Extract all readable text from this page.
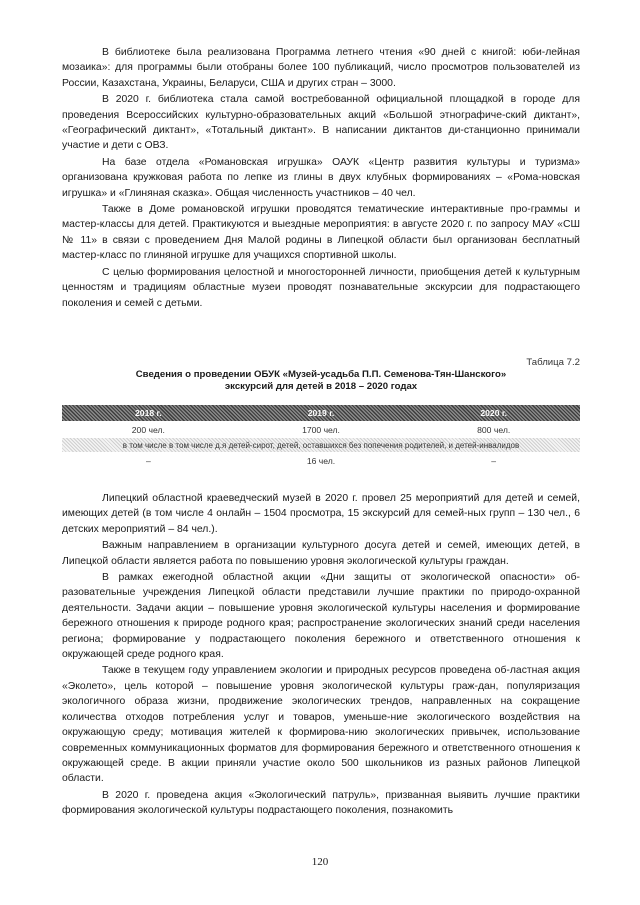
В библиотеке была реализована Программа летнего чтения «90 дней с книгой: юби-лейная мозаика»: для программы были отобраны более 100 публикаций, число просмотров пользователей из России, Казахстана, Украины, Беларуси, США и других стран – 3000.

В 2020 г. библиотека стала самой востребованной официальной площадкой в городе для проведения Всероссийских культурно-образовательных акций «Большой этнографиче-ский диктант», «Географический диктант», «Тотальный диктант». В написании диктантов ди-станционно принимали участие и дети с ОВЗ.

На базе отдела «Романовская игрушка» ОАУК «Центр развития культуры и туризма» организована кружковая работа по лепке из глины в двух клубных формированиях – «Рома-новская игрушка» и «Глиняная сказка». Общая численность участников – 40 чел.

Также в Доме романовской игрушки проводятся тематические интерактивные про-граммы и мастер-классы для детей. Практикуются и выездные мероприятия: в августе 2020 г. по запросу МАУ «СШ № 11» в связи с проведением Дня Малой родины в Липецкой области был организован бесплатный мастер-класс по глиняной игрушке для учащихся спортивной школы.

С целью формирования целостной и многосторонней личности, приобщения детей к культурным ценностям и традициям областные музеи проводят познавательные экскурсии для подрастающего поколения и семей с детьми.

Таблица 7.2
Сведения о проведении ОБУК «Музей-усадьба П.П. Семенова-Тян-Шанского»
экскурсий для детей в 2018 – 2020 годах
2018 г.	2019 г.	2020 г.
200 чел.	1700 чел.	800 чел.
в том числе в том числе д.я детей-сирот, детей, оставшихся без попечения родителей, и детей-инвалидов
–	16 чел.	–

Липецкий областной краеведческий музей в 2020 г. провел 25 мероприятий для детей и семей, имеющих детей (в том числе 4 онлайн – 1504 просмотра, 15 экскурсий для семей-ных групп – 130 чел., 6 детских мероприятий – 84 чел.).

Важным направлением в организации культурного досуга детей и семей, имеющих детей, в Липецкой области является работа по повышению уровня экологической культуры граждан.

В рамках ежегодной областной акции «Дни защиты от экологической опасности» об-разовательные учреждения Липецкой области представили лучшие практики по природо-охранной деятельности. Задачи акции – повышение уровня экологической культуры населения и формирование бережного отношения к природе родного края; распространение экологических знаний среди населения региона; формирование у подрастающего поколения бережного и ответственного отношения к окружающей среде родного края.

Также в текущем году управлением экологии и природных ресурсов проведена об-ластная акция «Эколето», цель которой – повышение уровня экологической культуры граж-дан, популяризация экологичного образа жизни, продвижение экологических трендов, направленных на сокращение количества отходов потребления услуг и товаров, уменьше-ние экологического воздействия на окружающую среду; мотивация жителей к формирова-нию экологических привычек, использование современных коммуникационных форматов для формирования бережного и ответственного отношения к окружающей среде. В акции приняли участие около 500 школьников из разных районов Липецкой области.

В 2020 г. проведена акция «Экологический патруль», призванная выявить лучшие практики формирования экологической культуры подрастающего поколения, познакомить

120
